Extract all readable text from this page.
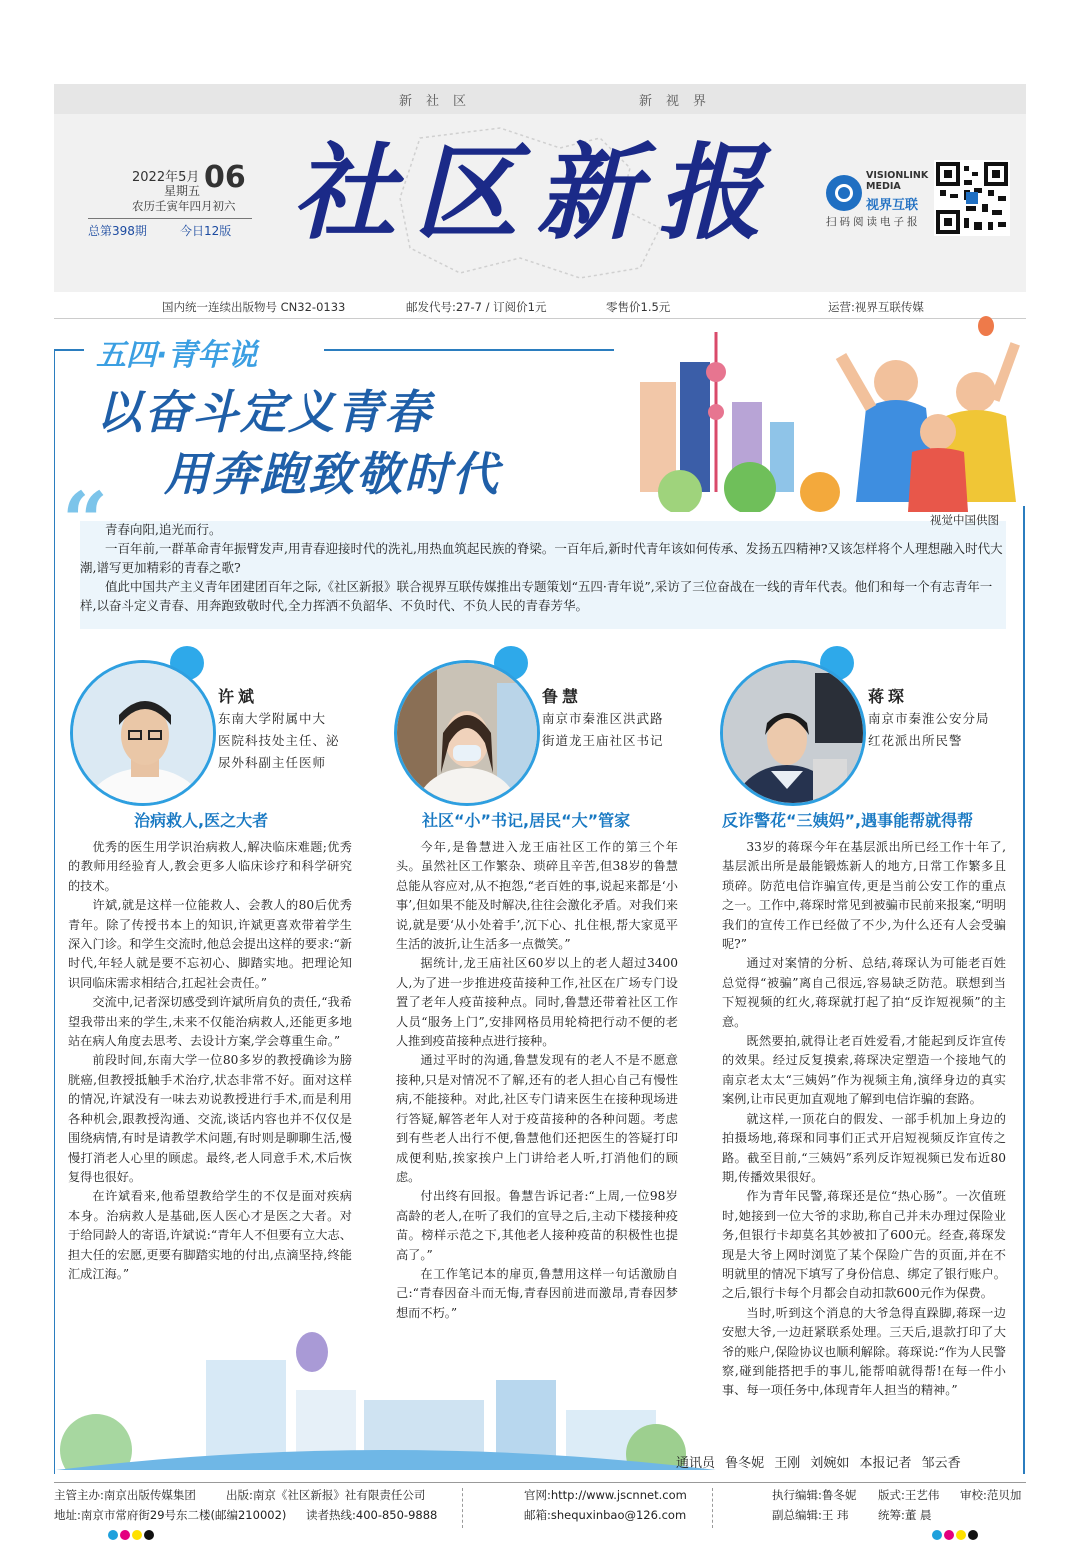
新社区	新视界
2022年5月 06
星期五
农历壬寅年四月初六
总第398期	今日12版 社区新报	VISIONLINK MEDIA
视界互联
扫码阅读电子报
国内统一连续出版物号 CN32-0133	邮发代号:27-7 / 订阅价1元	零售价1.5元	运营:视界互联传媒
五四·青年说
以奋斗定义青春
用奔跑致敬时代
视觉中国供图
“

青春向阳,追光而行。

一百年前,一群革命青年振臂发声,用青春迎接时代的洗礼,用热血筑起民族的脊梁。一百年后,新时代青年该如何传承、发扬五四精神?又该怎样将个人理想融入时代大潮,谱写更加精彩的青春之歌?

值此中国共产主义青年团建团百年之际,《社区新报》联合视界互联传媒推出专题策划“五四·青年说”,采访了三位奋战在一线的青年代表。他们和每一个有志青年一样,以奋斗定义青春、用奔跑致敬时代,全力挥洒不负韶华、不负时代、不负人民的青春芳华。

许斌
东南大学附属中大
医院科技处主任、泌
尿外科副主任医师
治病救人,医之大者

优秀的医生用学识治病救人,解决临床难题;优秀的教师用经验育人,教会更多人临床诊疗和科学研究的技术。

许斌,就是这样一位能救人、会教人的80后优秀青年。除了传授书本上的知识,许斌更喜欢带着学生深入门诊。和学生交流时,他总会提出这样的要求:“新时代,年轻人就是要不忘初心、脚踏实地。把理论知识同临床需求相结合,扛起社会责任。”

交流中,记者深切感受到许斌所肩负的责任,“我希望我带出来的学生,未来不仅能治病救人,还能更多地站在病人角度去思考、去设计方案,学会尊重生命。”

前段时间,东南大学一位80多岁的教授确诊为膀胱癌,但教授抵触手术治疗,状态非常不好。面对这样的情况,许斌没有一味去劝说教授进行手术,而是利用各种机会,跟教授沟通、交流,谈话内容也并不仅仅是围绕病情,有时是请教学术问题,有时则是聊聊生活,慢慢打消老人心里的顾虑。最终,老人同意手术,术后恢复得也很好。

在许斌看来,他希望教给学生的不仅是面对疾病本身。治病救人是基础,医人医心才是医之大者。对于给同龄人的寄语,许斌说:“青年人不但要有立大志、担大任的宏愿,更要有脚踏实地的付出,点滴坚持,终能汇成江海。”

鲁慧
南京市秦淮区洪武路
街道龙王庙社区书记
社区“小”书记,居民“大”管家

今年,是鲁慧进入龙王庙社区工作的第三个年头。虽然社区工作繁杂、琐碎且辛苦,但38岁的鲁慧总能从容应对,从不抱怨,“老百姓的事,说起来都是‘小事’,但如果不能及时解决,往往会激化矛盾。对我们来说,就是要‘从小处着手’,沉下心、扎住根,帮大家觅平生活的波折,让生活多一点微笑。”

据统计,龙王庙社区60岁以上的老人超过3400人,为了进一步推进疫苗接种工作,社区在广场专门设置了老年人疫苗接种点。同时,鲁慧还带着社区工作人员“服务上门”,安排网格员用轮椅把行动不便的老人推到疫苗接种点进行接种。

通过平时的沟通,鲁慧发现有的老人不是不愿意接种,只是对情况不了解,还有的老人担心自己有慢性病,不能接种。对此,社区专门请来医生在接种现场进行答疑,解答老年人对于疫苗接种的各种问题。考虑到有些老人出行不便,鲁慧他们还把医生的答疑打印成便利贴,挨家挨户上门讲给老人听,打消他们的顾虑。

付出终有回报。鲁慧告诉记者:“上周,一位98岁高龄的老人,在听了我们的宣导之后,主动下楼接种疫苗。榜样示范之下,其他老人接种疫苗的积极性也提高了。”

在工作笔记本的扉页,鲁慧用这样一句话激励自己:“青春因奋斗而无悔,青春因前进而激昂,青春因梦想而不朽。”

蒋琛
南京市秦淮公安分局
红花派出所民警
反诈警花“三姨妈”,遇事能帮就得帮

33岁的蒋琛今年在基层派出所已经工作十年了,基层派出所是最能锻炼新人的地方,日常工作繁多且琐碎。防范电信诈骗宣传,更是当前公安工作的重点之一。工作中,蒋琛时常见到被骗市民前来报案,“明明我们的宣传工作已经做了不少,为什么还有人会受骗呢?”

通过对案情的分析、总结,蒋琛认为可能老百姓总觉得“被骗”离自己很远,容易缺乏防范。联想到当下短视频的红火,蒋琛就打起了拍“反诈短视频”的主意。

既然要拍,就得让老百姓爱看,才能起到反诈宣传的效果。经过反复摸索,蒋琛决定塑造一个接地气的南京老太太“三姨妈”作为视频主角,演绎身边的真实案例,让市民更加直观地了解到电信诈骗的套路。

就这样,一顶花白的假发、一部手机加上身边的拍摄场地,蒋琛和同事们正式开启短视频反诈宣传之路。截至目前,“三姨妈”系列反诈短视频已发布近80期,传播效果很好。

作为青年民警,蒋琛还是位“热心肠”。一次值班时,她接到一位大爷的求助,称自己并未办理过保险业务,但银行卡却莫名其妙被扣了600元。经查,蒋琛发现是大爷上网时浏览了某个保险广告的页面,并在不明就里的情况下填写了身份信息、绑定了银行账户。之后,银行卡每个月都会自动扣款600元作为保费。

当时,听到这个消息的大爷急得直跺脚,蒋琛一边安慰大爷,一边赶紧联系处理。三天后,退款打印了大爷的账户,保险协议也顺利解除。蒋琛说:“作为人民警察,碰到能搭把手的事儿,能帮咱就得帮!在每一件小事、每一项任务中,体现青年人担当的精神。”

通讯员 鲁冬妮 王刚 刘婉如 本报记者 邹云香
主管主办:南京出版传媒集团	出版:南京《社区新报》社有限责任公司
地址:南京市常府街29号东二楼(邮编210002) 读者热线:400-850-9888
官网:http://www.jscnnet.com
邮箱:shequxinbao@126.com
执行编辑:鲁冬妮 版式:王艺伟 审校:范贝加
副总编辑:王 玮	统筹:董 晨
